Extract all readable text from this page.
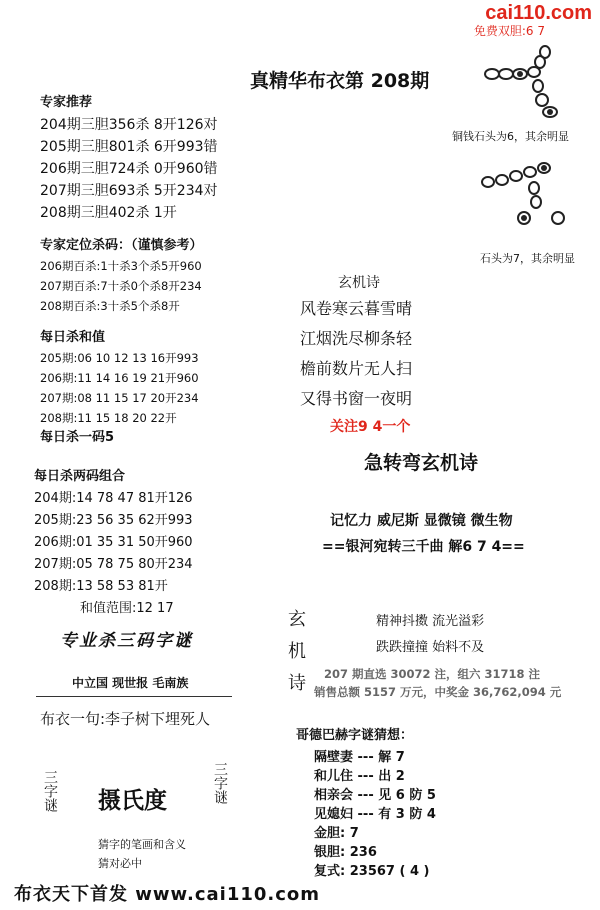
cai110.com
免费双胆:6 7
真精华布衣第 208期
专家推荐
204期三胆356杀 8开126对
205期三胆801杀 6开993错
206期三胆724杀 0开960错
207期三胆693杀 5开234对
208期三胆402杀 1开
专家定位杀码：（谨慎参考）
206期百杀:1十杀3个杀5开960
207期百杀:7十杀0个杀8开234
208期百杀:3十杀5个杀8开
每日杀和值
205期:06 10 12 13 16开993
206期:11 14 16 19 21开960
207期:08 11 15 17 20开234
208期:11 15 18 20 22开
每日杀一码5
每日杀两码组合
204期:14 78 47 81开126
205期:23 56 35 62开993
206期:01 35 31 50开960
207期:05 78 75 80开234
208期:13 58 53 81开
和值范围:12 17
专业杀三码字谜
中立国 现世报 毛南族
布衣一句:李子树下埋死人
三字谜 摄氏度	三字谜
猜字的笔画和含义
猜对必中
铜钱石头为6，其余明显
石头为7，其余明显
玄机诗
风卷寒云暮雪晴
江烟洗尽柳条轻
檐前数片无人扫
又得书窗一夜明
关注9 4一个
急转弯玄机诗
记忆力 威尼斯 显微镜 微生物
==银河宛转三千曲 解6 7 4==
玄
机
诗
精神抖擞 流光溢彩
跌跌撞撞 始料不及
207 期直选 30072 注，组六 31718 注
销售总额 5157 万元，中奖金 36,762,094 元
哥德巴赫字谜猜想：
隔壁妻 --- 解 7
和儿住 --- 出 2
相亲会 --- 见 6 防 5
见媳妇 --- 有 3 防 4
金胆: 7
银胆: 236
复式: 23567 ( 4 )
布衣天下首发 www.cai110.com
